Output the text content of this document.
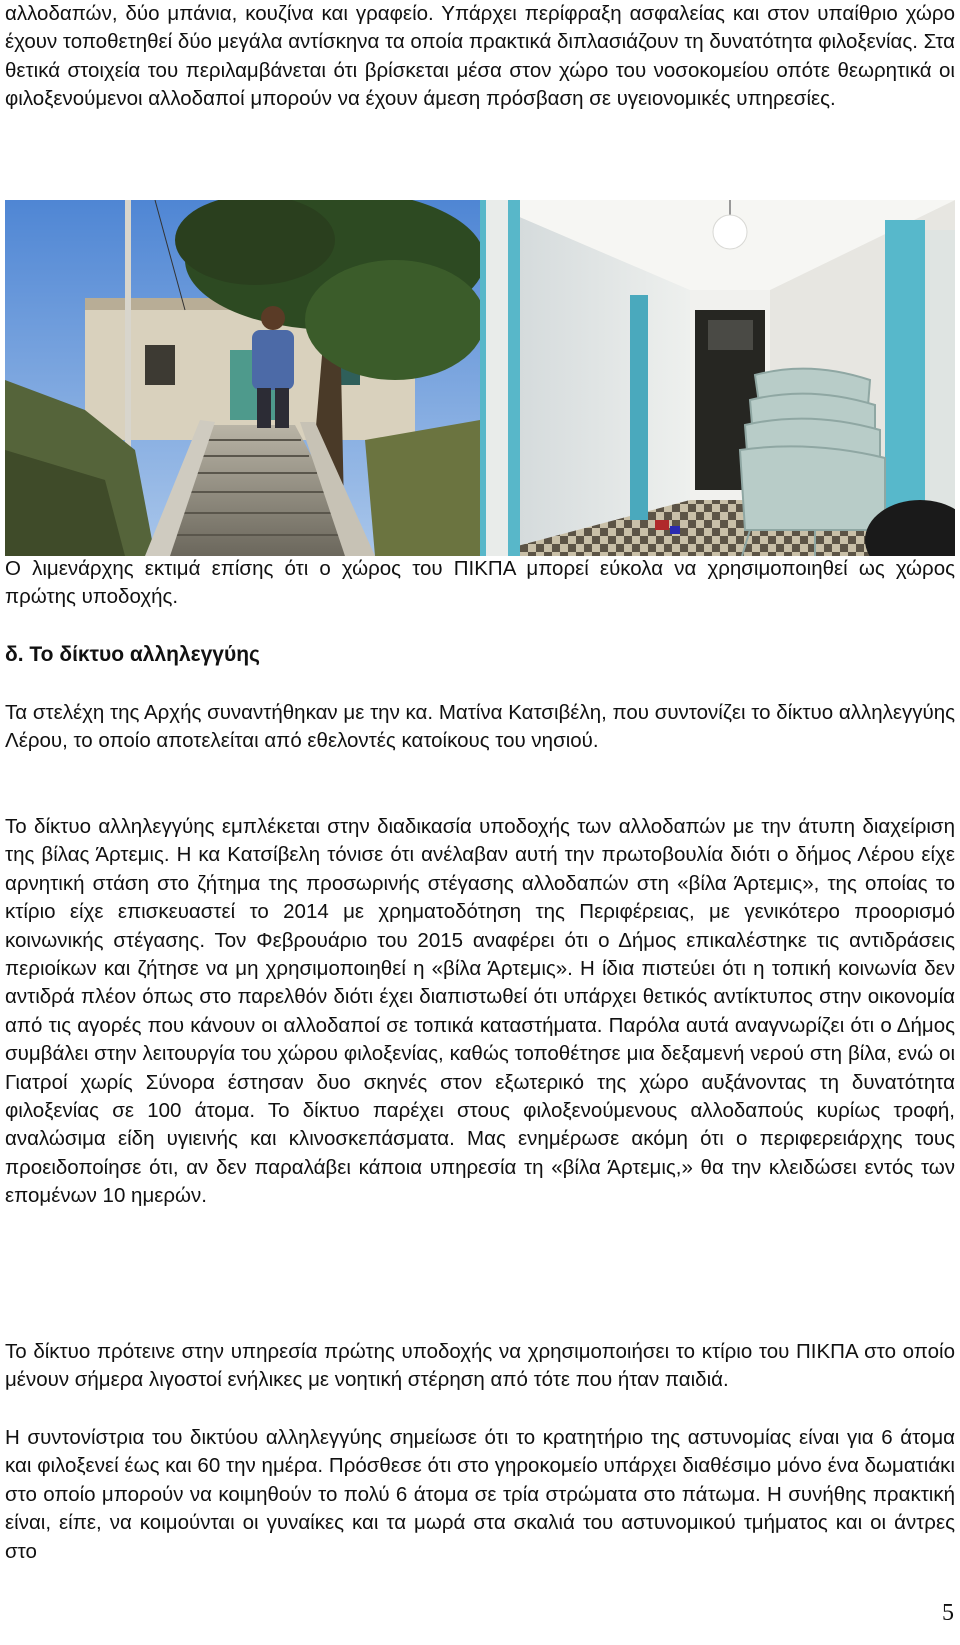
αλλοδαπών, δύο μπάνια, κουζίνα και γραφείο. Υπάρχει περίφραξη ασφαλείας και στον υπαίθριο χώρο έχουν τοποθετηθεί δύο μεγάλα αντίσκηνα τα οποία πρακτικά διπλασιάζουν τη δυνατότητα φιλοξενίας. Στα θετικά στοιχεία του περιλαμβάνεται ότι βρίσκεται μέσα στον χώρο του νοσοκομείου οπότε θεωρητικά οι φιλοξενούμενοι αλλοδαποί μπορούν να έχουν άμεση πρόσβαση σε υγειονομικές υπηρεσίες.

Ο λιμενάρχης εκτιμά επίσης ότι ο χώρος του ΠΙΚΠΑ μπορεί εύκολα να χρησιμοποιηθεί ως χώρος πρώτης υποδοχής.

δ. Το δίκτυο αλληλεγγύης

Τα στελέχη της Αρχής συναντήθηκαν με την κα. Ματίνα Κατσιβέλη, που συντονίζει το δίκτυο αλληλεγγύης Λέρου, το οποίο αποτελείται από εθελοντές κατοίκους του νησιού.

Το δίκτυο αλληλεγγύης εμπλέκεται στην διαδικασία υποδοχής των αλλοδαπών με την άτυπη διαχείριση της βίλας Άρτεμις. Η κα Κατσίβελη τόνισε ότι ανέλαβαν αυτή την πρωτοβουλία διότι ο δήμος Λέρου είχε αρνητική στάση στο ζήτημα της προσωρινής στέγασης αλλοδαπών στη «βίλα Άρτεμις», της οποίας το κτίριο είχε επισκευαστεί το 2014 με χρηματοδότηση της Περιφέρειας, με γενικότερο προορισμό κοινωνικής στέγασης. Τον Φεβρουάριο του 2015 αναφέρει ότι ο Δήμος επικαλέστηκε τις αντιδράσεις περιοίκων και ζήτησε να μη χρησιμοποιηθεί η «βίλα Άρτεμις». Η ίδια πιστεύει ότι η τοπική κοινωνία δεν αντιδρά πλέον όπως στο παρελθόν διότι έχει διαπιστωθεί ότι υπάρχει θετικός αντίκτυπος στην οικονομία από τις αγορές που κάνουν οι αλλοδαποί σε τοπικά καταστήματα. Παρόλα αυτά αναγνωρίζει ότι ο Δήμος συμβάλει στην λειτουργία του χώρου φιλοξενίας, καθώς τοποθέτησε μια δεξαμενή νερού στη βίλα, ενώ οι Γιατροί χωρίς Σύνορα έστησαν δυο σκηνές στον εξωτερικό της χώρο αυξάνοντας τη δυνατότητα φιλοξενίας σε 100 άτομα. Το δίκτυο παρέχει στους φιλοξενούμενους αλλοδαπούς κυρίως τροφή, αναλώσιμα είδη υγιεινής και κλινοσκεπάσματα. Μας ενημέρωσε ακόμη ότι ο περιφερειάρχης τους προειδοποίησε ότι, αν δεν παραλάβει κάποια υπηρεσία τη «βίλα Άρτεμις,» θα την κλειδώσει εντός των επομένων 10 ημερών.

Το δίκτυο πρότεινε στην υπηρεσία πρώτης υποδοχής να χρησιμοποιήσει το κτίριο του ΠΙΚΠΑ στο οποίο μένουν σήμερα λιγοστοί ενήλικες με νοητική στέρηση από τότε που ήταν παιδιά.

Η συντονίστρια του δικτύου αλληλεγγύης σημείωσε ότι το κρατητήριο της αστυνομίας είναι για 6 άτομα και φιλοξενεί έως και 60 την ημέρα. Πρόσθεσε ότι στο γηροκομείο υπάρχει διαθέσιμο μόνο ένα δωματιάκι στο οποίο μπορούν να κοιμηθούν το πολύ 6 άτομα σε τρία στρώματα στο πάτωμα. Η συνήθης πρακτική είναι, είπε, να κοιμούνται οι γυναίκες και τα μωρά στα σκαλιά του αστυνομικού τμήματος και οι άντρες στο

5
